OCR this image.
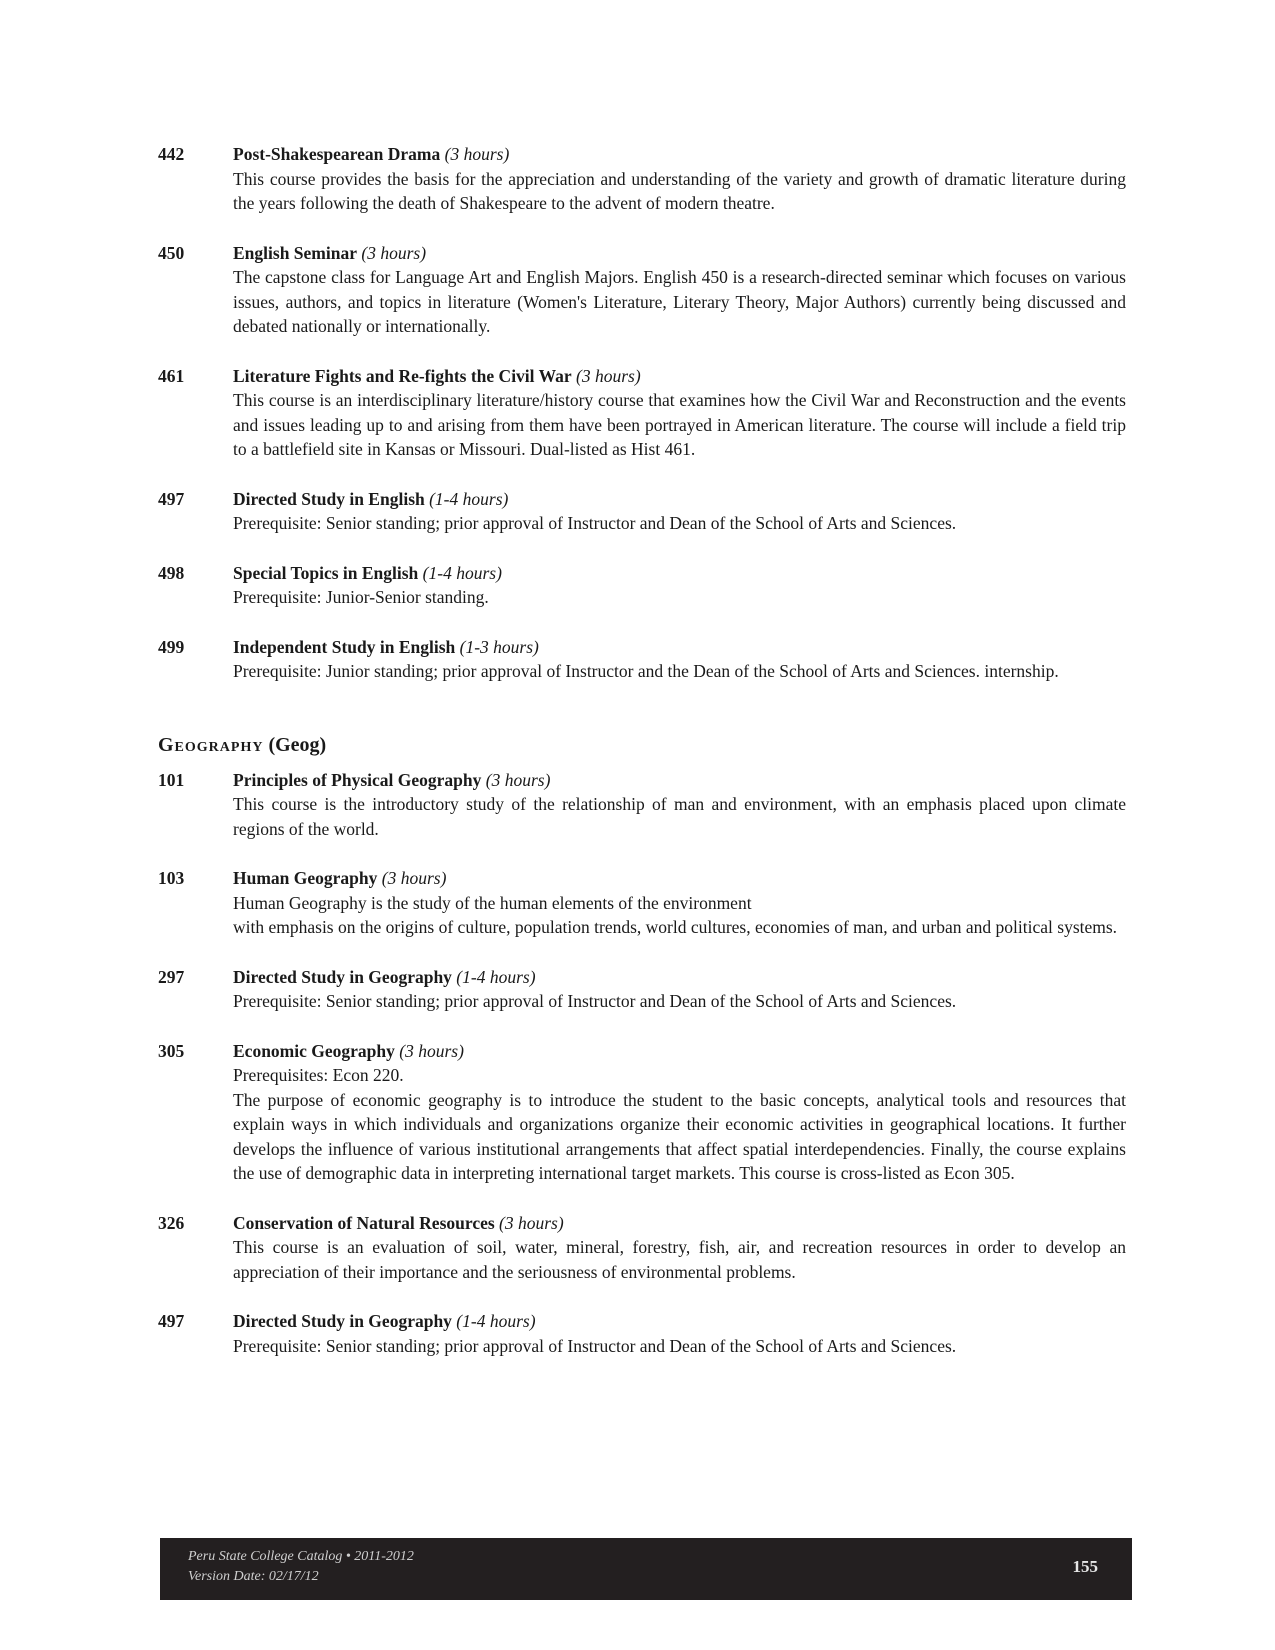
442	Post-Shakespearean Drama (3 hours)
This course provides the basis for the appreciation and understanding of the variety and growth of dramatic literature during the years following the death of Shakespeare to the advent of modern theatre.
450	English Seminar (3 hours)
The capstone class for Language Art and English Majors. English 450 is a research-directed seminar which focuses on various issues, authors, and topics in literature (Women's Literature, Literary Theory, Major Authors) currently being discussed and debated nationally or internationally.
461	Literature Fights and Re-fights the Civil War (3 hours)
This course is an interdisciplinary literature/history course that examines how the Civil War and Reconstruction and the events and issues leading up to and arising from them have been portrayed in American literature. The course will include a field trip to a battlefield site in Kansas or Missouri. Dual-listed as Hist 461.
497	Directed Study in English (1-4 hours)
Prerequisite: Senior standing; prior approval of Instructor and Dean of the School of Arts and Sciences.
498	Special Topics in English (1-4 hours)
Prerequisite: Junior-Senior standing.
499	Independent Study in English (1-3 hours)
Prerequisite: Junior standing; prior approval of Instructor and the Dean of the School of Arts and Sciences. internship.
Geography (Geog)
101	Principles of Physical Geography (3 hours)
This course is the introductory study of the relationship of man and environment, with an emphasis placed upon climate regions of the world.
103	Human Geography (3 hours)
Human Geography is the study of the human elements of the environment
with emphasis on the origins of culture, population trends, world cultures, economies of man, and urban and political systems.
297	Directed Study in Geography (1-4 hours)
Prerequisite: Senior standing; prior approval of Instructor and Dean of the School of Arts and Sciences.
305	Economic Geography (3 hours)
Prerequisites: Econ 220.
The purpose of economic geography is to introduce the student to the basic concepts, analytical tools and resources that explain ways in which individuals and organizations organize their economic activities in geographical locations. It further develops the influence of various institutional arrangements that affect spatial interdependencies. Finally, the course explains the use of demographic data in interpreting international target markets. This course is cross-listed as Econ 305.
326	Conservation of Natural Resources (3 hours)
This course is an evaluation of soil, water, mineral, forestry, fish, air, and recreation resources in order to develop an appreciation of their importance and the seriousness of environmental problems.
497	Directed Study in Geography (1-4 hours)
Prerequisite: Senior standing; prior approval of Instructor and Dean of the School of Arts and Sciences.
Peru State College Catalog • 2011-2012
Version Date: 02/17/12
155
